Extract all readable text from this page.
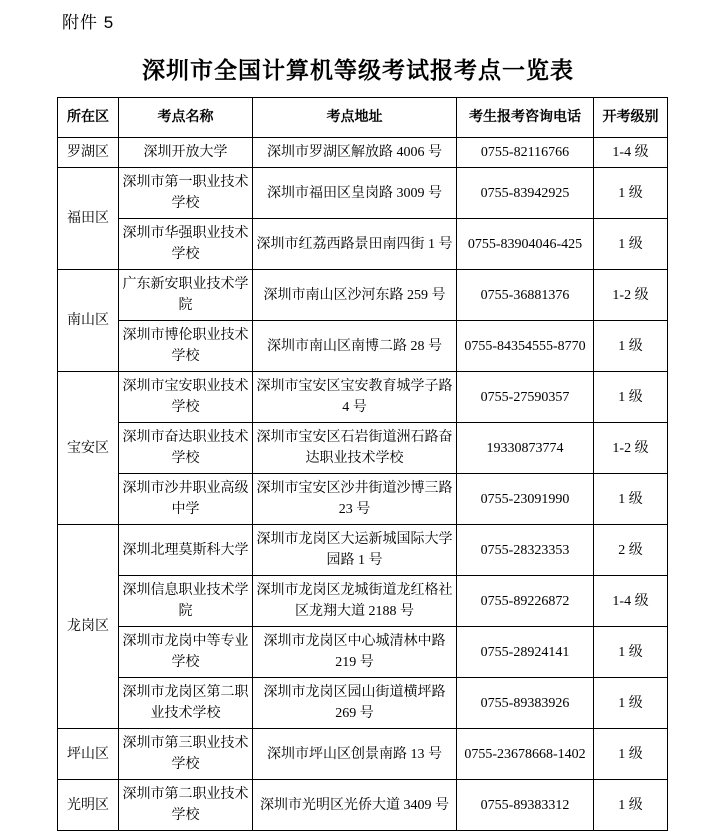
附件 5
深圳市全国计算机等级考试报考点一览表
所在区	考点名称	考点地址	考生报考咨询电话	开考级别
罗湖区	深圳开放大学	深圳市罗湖区解放路 4006 号	0755-82116766	1-4 级
福田区	深圳市第一职业技术学校	深圳市福田区皇岗路 3009 号	0755-83942925	1 级
	深圳市华强职业技术学校	深圳市红荔西路景田南四街 1 号	0755-83904046-425	1 级
南山区	广东新安职业技术学院	深圳市南山区沙河东路 259 号	0755-36881376	1-2 级
	深圳市博伦职业技术学校	深圳市南山区南博二路 28 号	0755-84354555-8770	1 级
宝安区	深圳市宝安职业技术学校	深圳市宝安区宝安教育城学子路 4 号	0755-27590357	1 级
	深圳市奋达职业技术学校	深圳市宝安区石岩街道洲石路奋达职业技术学校	19330873774	1-2 级
	深圳市沙井职业高级中学	深圳市宝安区沙井街道沙博三路 23 号	0755-23091990	1 级
龙岗区	深圳北理莫斯科大学	深圳市龙岗区大运新城国际大学园路 1 号	0755-28323353	2 级
	深圳信息职业技术学院	深圳市龙岗区龙城街道龙红格社区龙翔大道 2188 号	0755-89226872	1-4 级
	深圳市龙岗中等专业学校	深圳市龙岗区中心城清林中路 219 号	0755-28924141	1 级
	深圳市龙岗区第二职业技术学校	深圳市龙岗区园山街道横坪路 269 号	0755-89383926	1 级
坪山区	深圳市第三职业技术学校	深圳市坪山区创景南路 13 号	0755-23678668-1402	1 级
光明区	深圳市第二职业技术学校	深圳市光明区光侨大道 3409 号	0755-89383312	1 级
